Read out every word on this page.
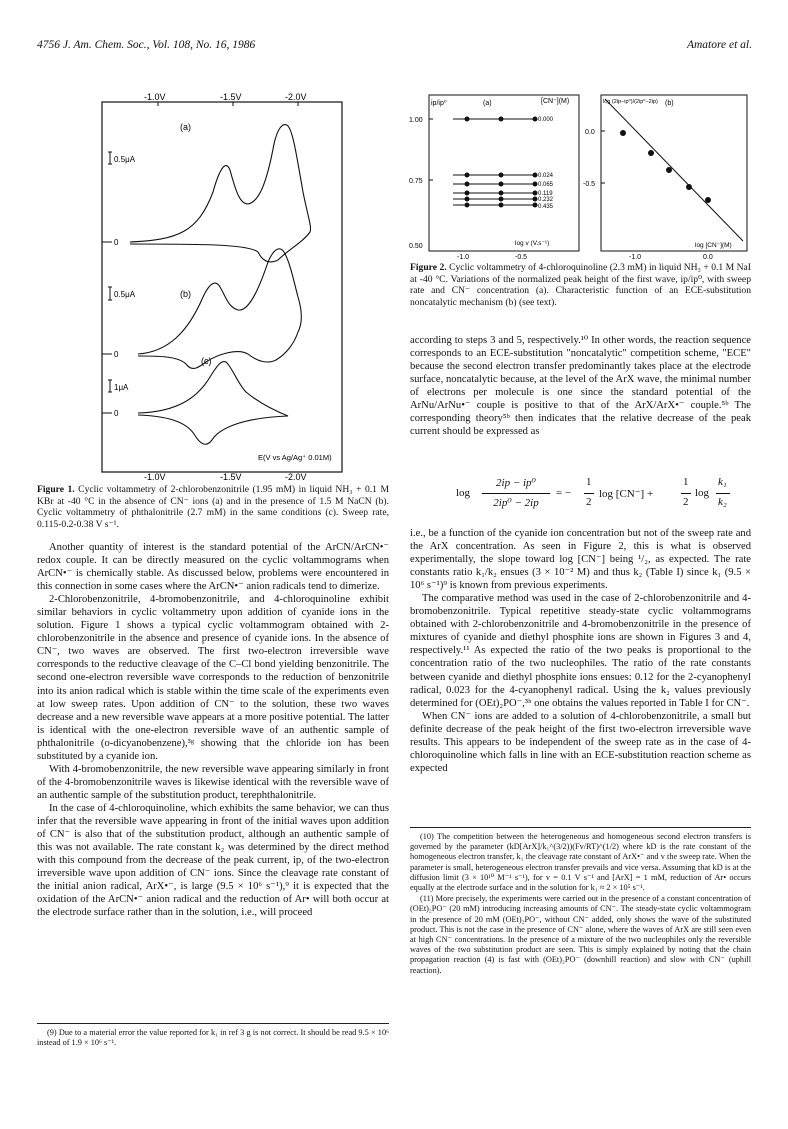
4756 J. Am. Chem. Soc., Vol. 108, No. 16, 1986	Amatore et al.
-1.0V	-1.5V	-2.0V
(a)
(b)
(c)
0.5μA
0.5μA
1μA
0
0
0
E(V vs Ag/Ag⁺ 0.01M)
-1.0V	-1.5V	-2.0V
Figure 1. Cyclic voltammetry of 2-chlorobenzonitrile (1.95 mM) in liquid NH₃ + 0.1 M KBr at -40 °C in the absence of CN⁻ ions (a) and in the presence of 1.5 M NaCN (b). Cyclic voltammetry of phthalonitrile (2.7 mM) in the same conditions (c). Sweep rate, 0.115-0.2-0.38 V s⁻¹.

Another quantity of interest is the standard potential of the ArCN/ArCN•⁻ redox couple. It can be directly measured on the cyclic voltammograms when ArCN•⁻ is chemically stable. As discussed below, problems were encountered in this connection in some cases where the ArCN•⁻ anion radicals tend to dimerize.

2-Chlorobenzonitrile, 4-bromobenzonitrile, and 4-chloroquinoline exhibit similar behaviors in cyclic voltammetry upon addition of cyanide ions in the solution. Figure 1 shows a typical cyclic voltammogram obtained with 2-chlorobenzonitrile in the absence and presence of cyanide ions. In the absence of CN⁻, two waves are observed. The first two-electron irreversible wave corresponds to the reductive cleavage of the C–Cl bond yielding benzonitrile. The second one-electron reversible wave corresponds to the reduction of benzonitrile into its anion radical which is stable within the time scale of the experiments even at low sweep rates. Upon addition of CN⁻ to the solution, these two waves decrease and a new reversible wave appears at a more positive potential. The latter is identical with the one-electron reversible wave of an authentic sample of phthalonitrile (o-dicyanobenzene),³ᵍ showing that the chloride ion has been substituted by a cyanide ion.

With 4-bromobenzonitrile, the new reversible wave appearing similarly in front of the 4-bromobenzonitrile waves is likewise identical with the reversible wave of an authentic sample of the substitution product, terephthalonitrile.

In the case of 4-chloroquinoline, which exhibits the same behavior, we can thus infer that the reversible wave appearing in front of the initial waves upon addition of CN⁻ is also that of the substitution product, although an authentic sample of this was not available. The rate constant k₂ was determined by the direct method with this compound from the decrease of the peak current, ip, of the two-electron irreversible wave upon addition of CN⁻ ions. Since the cleavage rate constant of the initial anion radical, ArX•⁻, is large (9.5 × 10⁶ s⁻¹),⁹ it is expected that the oxidation of the ArCN•⁻ anion radical and the reduction of Ar• will both occur at the electrode surface rather than in the solution, i.e., will proceed

(9) Due to a material error the value reported for k₁ in ref 3 g is not correct. It should be read 9.5 × 10⁶ instead of 1.9 × 10⁶ s⁻¹.

ip/ip⁰	(a)	[CN⁻](M)
1.00
0.75
0.50
0.000
0.024
0.065
0.119
0.232
0.435
log v (V.s⁻¹)
-1.0	-0.5
log (2ip−ip⁰)/(2ip⁰−2ip) (b)
0.0
-0.5
log [CN⁻](M)
-1.0	0.0
Figure 2. Cyclic voltammetry of 4-chloroquinoline (2.3 mM) in liquid NH₃ + 0.1 M NaI at -40 °C. Variations of the normalized peak height of the first wave, ip/ip⁰, with sweep rate and CN⁻ concentration (a). Characteristic function of an ECE-substitution noncatalytic mechanism (b) (see text).

according to steps 3 and 5, respectively.¹⁰ In other words, the reaction sequence corresponds to an ECE-substitution "noncatalytic" competition scheme, "ECE" because the second electron transfer predominantly takes place at the electrode surface, noncatalytic because, at the level of the ArX wave, the minimal number of electrons per molecule is one since the standard potential of the ArNu/ArNu•⁻ couple is positive to that of the ArX/ArX•⁻ couple.⁵ᵇ The corresponding theory⁵ᵇ then indicates that the relative decrease of the peak current should be expressed as

log
2ip − ip⁰
2ip⁰ − 2ip
= −
1
2
log [CN⁻] +
1
2
log
k₁
k₂

i.e., be a function of the cyanide ion concentration but not of the sweep rate and the ArX concentration. As seen in Figure 2, this is what is observed experimentally, the slope toward log [CN⁻] being ¹/₂, as expected. The rate constants ratio k₁/k₂ ensues (3 × 10⁻² M) and thus k₂ (Table I) since k₁ (9.5 × 10⁶ s⁻¹)⁹ is known from previous experiments.

The comparative method was used in the case of 2-chlorobenzonitrile and 4-bromobenzonitrile. Typical repetitive steady-state cyclic voltammograms obtained with 2-chlorobenzonitrile and 4-bromobenzonitrile in the presence of mixtures of cyanide and diethyl phosphite ions are shown in Figures 3 and 4, respectively.¹¹ As expected the ratio of the two peaks is proportional to the concentration ratio of the two nucleophiles. The ratio of the rate constants between cyanide and diethyl phosphite ions ensues: 0.12 for the 2-cyanophenyl radical, 0.023 for the 4-cyanophenyl radical. Using the k₂ values previously determined for (OEt)₂PO⁻,³ʰ one obtains the values reported in Table I for CN⁻.

When CN⁻ ions are added to a solution of 4-chlorobenzonitrile, a small but definite decrease of the peak height of the first two-electron irreversible wave results. This appears to be independent of the sweep rate as in the case of 4-chloroquinoline which falls in line with an ECE-substitution reaction scheme as expected

(10) The competition between the heterogeneous and homogeneous second electron transfers is governed by the parameter (kD[ArX]/k₁^(3/2))(Fv/RT)^(1/2) where kD is the rate constant of the homogeneous electron transfer, k₁ the cleavage rate constant of ArX•⁻ and v the sweep rate. When the parameter is small, heterogeneous electron transfer prevails and vice versa. Assuming that kD is at the diffusion limit (3 × 10¹⁰ M⁻¹ s⁻¹), for v = 0.1 V s⁻¹ and [ArX] = 1 mM, reduction of Ar• occurs equally at the electrode surface and in the solution for k₁ ≈ 2 × 10⁵ s⁻¹.

(11) More precisely, the experiments were carried out in the presence of a constant concentration of (OEt)₂PO⁻ (20 mM) introducing increasing amounts of CN⁻. The steady-state cyclic voltammogram in the presence of 20 mM (OEt)₂PO⁻, without CN⁻ added, only shows the wave of the substituted product. This is not the case in the presence of CN⁻ alone, where the waves of ArX are still seen even at high CN⁻ concentrations. In the presence of a mixture of the two nucleophiles only the reversible waves of the two substitution product are seen. This is simply explained by noting that the chain propagation reaction (4) is fast with (OEt)₂PO⁻ (downhill reaction) and slow with CN⁻ (uphill reaction).
